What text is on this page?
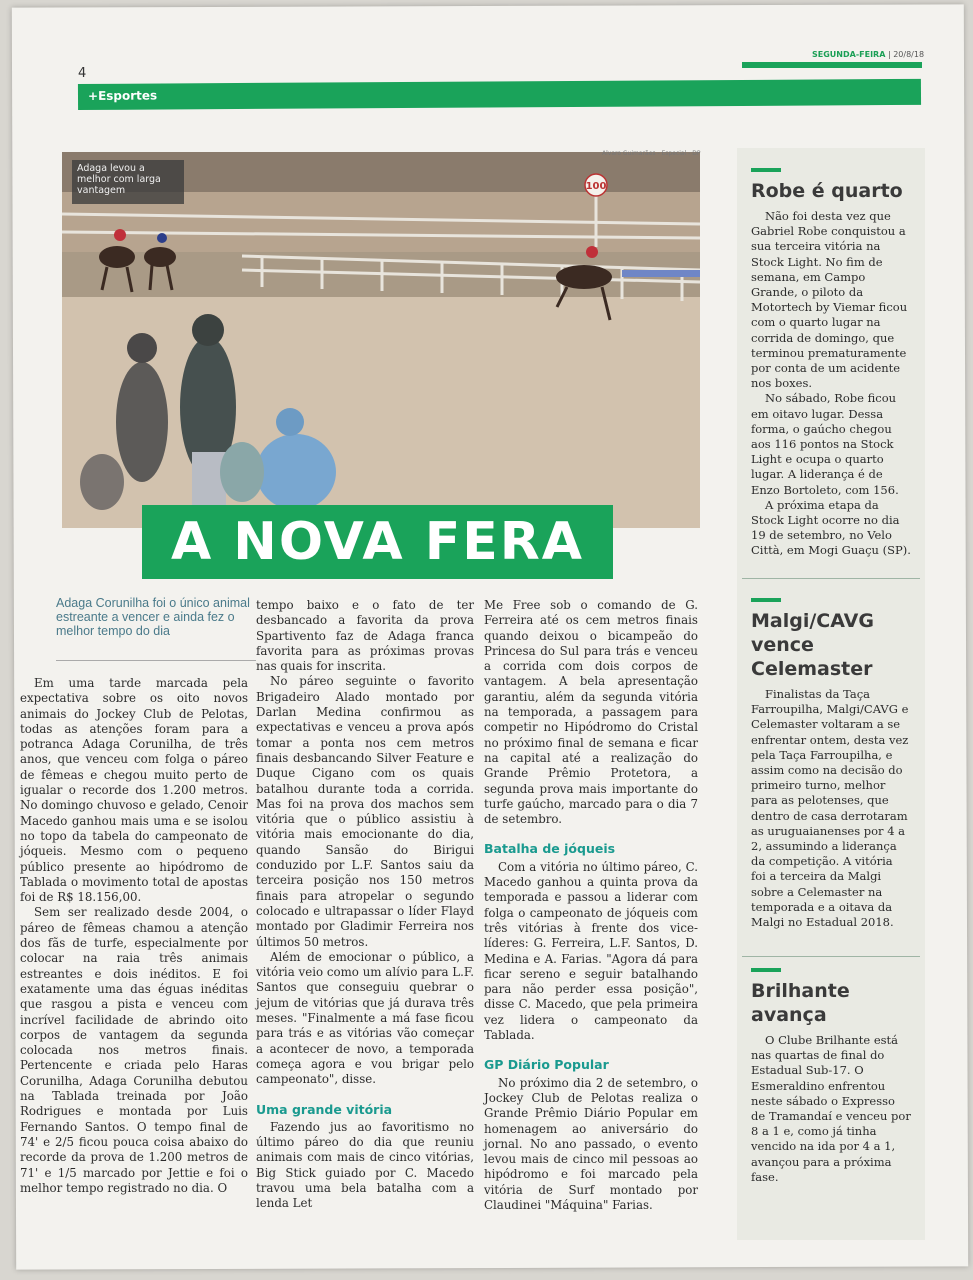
4
SEGUNDA-FEIRA | 20/8/18
+Esportes
100
Adaga levou a melhor com larga vantagem
Alvaro Guimarães - Especial - DP
A NOVA FERA
Adaga Corunilha foi o único animal estreante a vencer e ainda fez o melhor tempo do dia

Em uma tarde marcada pela expectativa sobre os oito novos animais do Jockey Club de Pelotas, todas as atenções foram para a potranca Adaga Corunilha, de três anos, que venceu com folga o páreo de fêmeas e chegou muito perto de igualar o recorde dos 1.200 metros. No domingo chuvoso e gelado, Cenoir Macedo ganhou mais uma e se isolou no topo da tabela do campeonato de jóqueis. Mesmo com o pequeno público presente ao hipódromo de Tablada o movimento total de apostas foi de R$ 18.156,00.

Sem ser realizado desde 2004, o páreo de fêmeas chamou a atenção dos fãs de turfe, especialmente por colocar na raia três animais estreantes e dois inéditos. E foi exatamente uma das éguas inéditas que rasgou a pista e venceu com incrível facilidade de abrindo oito corpos de vantagem da segunda colocada nos metros finais. Pertencente e criada pelo Haras Corunilha, Adaga Corunilha debutou na Tablada treinada por João Rodrigues e montada por Luis Fernando Santos. O tempo final de 74' e 2/5 ficou pouca coisa abaixo do recorde da prova de 1.200 metros de 71' e 1/5 marcado por Jettie e foi o melhor tempo registrado no dia. O

tempo baixo e o fato de ter desbancado a favorita da prova Spartivento faz de Adaga franca favorita para as próximas provas nas quais for inscrita.

No páreo seguinte o favorito Brigadeiro Alado montado por Darlan Medina confirmou as expectativas e venceu a prova após tomar a ponta nos cem metros finais desbancando Silver Feature e Duque Cigano com os quais batalhou durante toda a corrida. Mas foi na prova dos machos sem vitória que o público assistiu à vitória mais emocionante do dia, quando Sansão do Birigui conduzido por L.F. Santos saiu da terceira posição nos 150 metros finais para atropelar o segundo colocado e ultrapassar o líder Flayd montado por Gladimir Ferreira nos últimos 50 metros.

Além de emocionar o público, a vitória veio como um alívio para L.F. Santos que conseguiu quebrar o jejum de vitórias que já durava três meses. "Finalmente a má fase ficou para trás e as vitórias vão começar a acontecer de novo, a temporada começa agora e vou brigar pelo campeonato", disse.

Uma grande vitória

Fazendo jus ao favoritismo no último páreo do dia que reuniu animais com mais de cinco vitórias, Big Stick guiado por C. Macedo travou uma bela batalha com a lenda Let

Me Free sob o comando de G. Ferreira até os cem metros finais quando deixou o bicampeão do Princesa do Sul para trás e venceu a corrida com dois corpos de vantagem. A bela apresentação garantiu, além da segunda vitória na temporada, a passagem para competir no Hipódromo do Cristal no próximo final de semana e ficar na capital até a realização do Grande Prêmio Protetora, a segunda prova mais importante do turfe gaúcho, marcado para o dia 7 de setembro.

Batalha de jóqueis

Com a vitória no último páreo, C. Macedo ganhou a quinta prova da temporada e passou a liderar com folga o campeonato de jóqueis com três vitórias à frente dos vice-líderes: G. Ferreira, L.F. Santos, D. Medina e A. Farias. "Agora dá para ficar sereno e seguir batalhando para não perder essa posição", disse C. Macedo, que pela primeira vez lidera o campeonato da Tablada.

GP Diário Popular

No próximo dia 2 de setembro, o Jockey Club de Pelotas realiza o Grande Prêmio Diário Popular em homenagem ao aniversário do jornal. No ano passado, o evento levou mais de cinco mil pessoas ao hipódromo e foi marcado pela vitória de Surf montado por Claudinei "Máquina" Farias.

Robe é quarto

Não foi desta vez que Gabriel Robe conquistou a sua terceira vitória na Stock Light. No fim de semana, em Campo Grande, o piloto da Motortech by Viemar ficou com o quarto lugar na corrida de domingo, que terminou prematuramente por conta de um acidente nos boxes.

No sábado, Robe ficou em oitavo lugar. Dessa forma, o gaúcho chegou aos 116 pontos na Stock Light e ocupa o quarto lugar. A liderança é de Enzo Bortoleto, com 156.

A próxima etapa da Stock Light ocorre no dia 19 de setembro, no Velo Città, em Mogi Guaçu (SP).

Malgi/CAVG vence Celemaster

Finalistas da Taça Farroupilha, Malgi/CAVG e Celemaster voltaram a se enfrentar ontem, desta vez pela Taça Farroupilha, e assim como na decisão do primeiro turno, melhor para as pelotenses, que dentro de casa derrotaram as uruguaianenses por 4 a 2, assumindo a liderança da competição. A vitória foi a terceira da Malgi sobre a Celemaster na temporada e a oitava da Malgi no Estadual 2018.

Brilhante avança

O Clube Brilhante está nas quartas de final do Estadual Sub-17. O Esmeraldino enfrentou neste sábado o Expresso de Tramandaí e venceu por 8 a 1 e, como já tinha vencido na ida por 4 a 1, avançou para a próxima fase.
